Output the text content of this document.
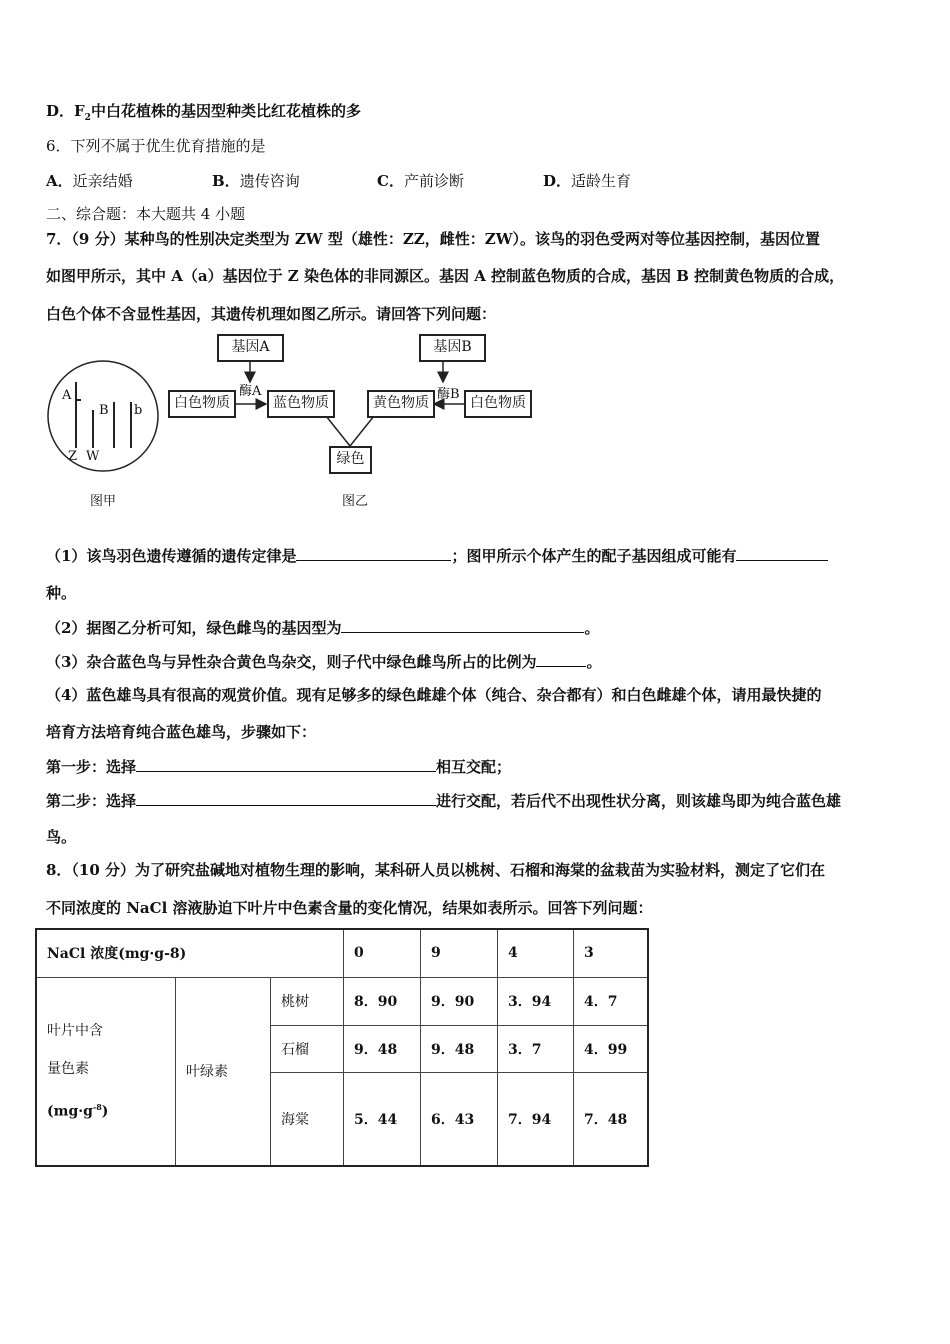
D．$F_2$中白花植株的基因型种类比红花植株的多
6．下列不属于优生优育措施的是
A．近亲结婚	B．遗传咨询	C．产前诊断	D．适龄生育
二、综合题：本大题共 4 小题
7．（9 分）某种鸟的性别决定类型为 ZW 型（雄性：ZZ，雌性：ZW）。该鸟的羽色受两对等位基因控制，基因位置
如图甲所示，其中 A（a）基因位于 Z 染色体的非同源区。基因 A 控制蓝色物质的合成，基因 B 控制黄色物质的合成，
白色个体不含显性基因，其遗传机理如图乙所示。请回答下列问题：
A
B b
Z W
图甲
基因A	基因B
酶A	酶B
白色物质	蓝色物质	黄色物质	白色物质
绿色
图乙
（1）该鸟羽色遗传遵循的遗传定律是	；图甲所示个体产生的配子基因组成可能有
种。
（2）据图乙分析可知，绿色雌鸟的基因型为	。
（3）杂合蓝色鸟与异性杂合黄色鸟杂交，则子代中绿色雌鸟所占的比例为	。
（4）蓝色雄鸟具有很高的观赏价值。现有足够多的绿色雌雄个体（纯合、杂合都有）和白色雌雄个体，请用最快捷的
培育方法培育纯合蓝色雄鸟，步骤如下：
第一步：选择	相互交配；
第二步：选择	进行交配，若后代不出现性状分离，则该雄鸟即为纯合蓝色雄
鸟。
8．（10 分）为了研究盐碱地对植物生理的影响，某科研人员以桃树、石榴和海棠的盆栽苗为实验材料，测定了它们在
不同浓度的 NaCl 溶液胁迫下叶片中色素含量的变化情况，结果如表所示。回答下列问题：
NaCl 浓度(mg·g-8)			0	9	4	3

叶片中含
量色素
$(mg\cdot g^{-8})$	叶绿素	桃树	8．90	9．90	3．94	4．7
		石榴	9．48	9．48	3．7	4．99
		海棠	5．44	6．43	7．94	7．48
